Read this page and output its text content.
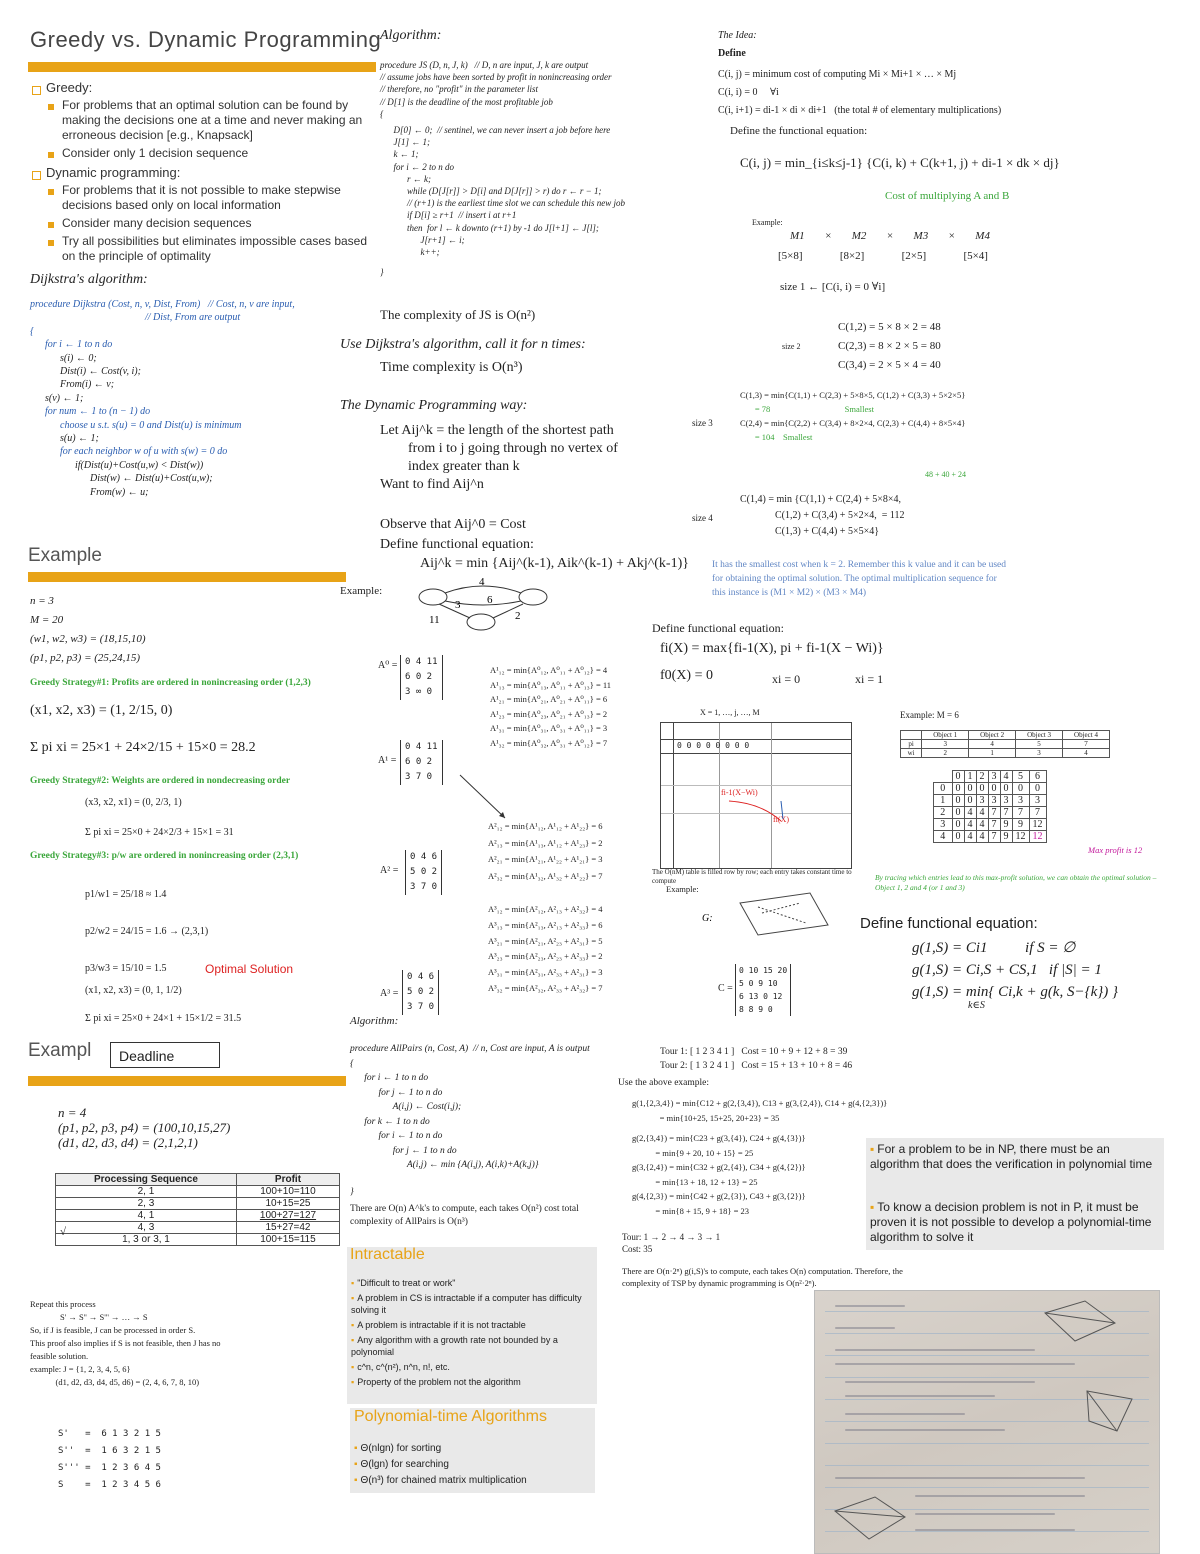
Greedy vs. Dynamic Programming
Greedy:
For problems that an optimal solution can be found by making the decisions one at a time and never making an erroneous decision [e.g., Knapsack]
Consider only 1 decision sequence
Dynamic programming:
For problems that it is not possible to make stepwise decisions based only on local information
Consider many decision sequences
Try all possibilities but eliminates impossible cases based on the principle of optimality
Dijkstra's algorithm:
procedure Dijkstra (Cost, n, v, Dist, From)   // Cost, n, v are input,
// Dist, From are output
{
for i ← 1 to n do
s(i) ← 0;
Dist(i) ← Cost(v, i);
From(i) ← v;
s(v) ← 1;
for num ← 1 to (n − 1) do
choose u s.t. s(u) = 0 and Dist(u) is minimum
s(u) ← 1;
for each neighbor w of u with s(w) = 0 do
if(Dist(u)+Cost(u,w) < Dist(w))
Dist(w) ← Dist(u)+Cost(u,w);
From(w) ← u;
Example
n = 3
M = 20
(w1, w2, w3) = (18,15,10)
(p1, p2, p3) = (25,24,15)
Greedy Strategy#1: Profits are ordered in nonincreasing order (1,2,3)
(x1, x2, x3) = (1, 2/15, 0)
Σ pi xi = 25×1 + 24×2/15 + 15×0 = 28.2
Greedy Strategy#2: Weights are ordered in nondecreasing order
(x3, x2, x1) = (0, 2/3, 1)
Σ pi xi = 25×0 + 24×2/3 + 15×1 = 31
Greedy Strategy#3: p/w are ordered in nonincreasing order (2,3,1)
p1/w1 = 25/18 ≈ 1.4
p2/w2 = 24/15 = 1.6 → (2,3,1)
p3/w3 = 15/10 = 1.5	Optimal Solution
(x1, x2, x3) = (0, 1, 1/2)
Σ pi xi = 25×0 + 24×1 + 15×1/2 = 31.5
Exampl	Deadline
n = 4
(p1, p2, p3, p4) = (100,10,15,27)
(d1, d2, d3, d4) = (2,1,2,1)
Processing Sequence	Profit
2, 1	100+10=110
2, 3	10+15=25
4, 1	100+27=127
4, 3	15+27=42
1, 3 or 3, 1	100+15=115
√
Repeat this process
S' → S'' → S''' → … → S
So, if J is feasible, J can be processed in order S.
This proof also implies if S is not feasible, then J has no
feasible solution.
example: J = {1, 2, 3, 4, 5, 6}
(d1, d2, d3, d4, d5, d6) = (2, 4, 6, 7, 8, 10)
S'   =  6 1 3 2 1 5
S''  =  1 6 3 2 1 5
S''' =  1 2 3 6 4 5
S    =  1 2 3 4 5 6
Algorithm:
procedure JS (D, n, J, k)   // D, n are input, J, k are output
// assume jobs have been sorted by profit in nonincreasing order
// therefore, no "profit" in the parameter list
// D[1] is the deadline of the most profitable job
{
D[0] ← 0;  // sentinel, we can never insert a job before here
J[1] ← 1;
k ← 1;
for i ← 2 to n do
r ← k;
while (D[J[r]] > D[i] and D[J[r]] > r) do r ← r − 1;
// (r+1) is the earliest time slot we can schedule this new job
if D[i] ≥ r+1  // insert i at r+1
then  for l ← k downto (r+1) by -1 do J[l+1] ← J[l];
J[r+1] ← i;
k++;
}
The complexity of JS is O(n²)
Use Dijkstra's algorithm, call it for n times:
Time complexity is O(n³)
The Dynamic Programming way:
Let Aij^k = the length of the shortest path
from i to j going through no vertex of
index greater than k
Want to find Aij^n
Observe that Aij^0 = Cost
Define functional equation:
Aij^k = min {Aij^(k-1), Aik^(k-1) + Akj^(k-1)}
Example:
4
6
11
3
2
A⁰ = 0 4 11
6 0 2
3 ∞ 0
A¹₁₂ = min{A⁰₁₂, A⁰₁₁ + A⁰₁₂} = 4
A¹₁₃ = min{A⁰₁₃, A⁰₁₁ + A⁰₁₃} = 11
A¹₂₁ = min{A⁰₂₁, A⁰₂₁ + A⁰₁₁} = 6
A¹₂₃ = min{A⁰₂₃, A⁰₂₁ + A⁰₁₃} = 2
A¹₃₁ = min{A⁰₃₁, A⁰₃₁ + A⁰₁₁} = 3
A¹₃₂ = min{A⁰₃₂, A⁰₃₁ + A⁰₁₂} = 7
A¹ =
0 4 11
6 0 2
3 7 0
A²₁₂ = min{A¹₁₂, A¹₁₂ + A¹₂₂} = 6
A²₁₃ = min{A¹₁₃, A¹₁₂ + A¹₂₃} = 2
A²₂₁ = min{A¹₂₁, A¹₂₂ + A¹₂₁} = 3
A²₃₂ = min{A¹₃₂, A¹₃₂ + A¹₂₂} = 7
A² =
0 4 6
5 0 2
3 7 0
A³₁₂ = min{A²₁₂, A²₁₃ + A²₃₂} = 4
A³₁₃ = min{A²₁₃, A²₁₃ + A²₃₃} = 6
A³₂₁ = min{A²₂₁, A²₂₃ + A²₃₁} = 5
A³₂₃ = min{A²₂₃, A²₂₃ + A²₃₃} = 2
A³₃₁ = min{A²₃₁, A²₃₃ + A²₃₁} = 3
A³₃₂ = min{A²₃₂, A²₃₃ + A²₃₂} = 7
A³ =
0 4 6
5 0 2
3 7 0
Algorithm:
procedure AllPairs (n, Cost, A)  // n, Cost are input, A is output
{
for i ← 1 to n do
for j ← 1 to n do
A(i,j) ← Cost(i,j);
for k ← 1 to n do
for i ← 1 to n do
for j ← 1 to n do
A(i,j) ← min {A(i,j), A(i,k)+A(k,j)}
}
There are O(n) A^k's to compute, each takes O(n²) cost total complexity of AllPairs is O(n³)
Intractable
▪ "Difficult to treat or work"
▪ A problem in CS is intractable if a computer has difficulty solving it
▪ A problem is intractable if it is not tractable
▪ Any algorithm with a growth rate not bounded by a polynomial
▪ c^n, c^(n²), n^n, n!, etc.
▪ Property of the problem not the algorithm
Polynomial-time Algorithms
▪ Θ(nlgn) for sorting
▪ Θ(lgn) for searching
▪ Θ(n³) for chained matrix multiplication
The Idea:
Define
C(i, j) = minimum cost of computing Mi × Mi+1 × … × Mj
C(i, i) = 0     ∀i
C(i, i+1) = di-1 × di × di+1   (the total # of elementary multiplications)
Define the functional equation:
C(i, j) = min_{i≤k≤j-1} {C(i, k) + C(k+1, j) + di-1 × dk × dj}
Cost of multiplying A and B
Example:
M1 × M2 × M3 × M4
[5×8]	[8×2]	[2×5]	[5×4]
size 1 ← [C(i, i) = 0 ∀i]
size 2
C(1,2) = 5 × 8 × 2 = 48
C(2,3) = 8 × 2 × 5 = 80
C(3,4) = 2 × 5 × 4 = 40
size 3
C(1,3) = min{C(1,1) + C(2,3) + 5×8×5, C(1,2) + C(3,3) + 5×2×5}
= 78                                   Smallest
C(2,4) = min{C(2,2) + C(3,4) + 8×2×4, C(2,3) + C(4,4) + 8×5×4}
= 104    Smallest
48 + 40 + 24
size 4
C(1,4) = min {C(1,1) + C(2,4) + 5×8×4,
C(1,2) + C(3,4) + 5×2×4,  = 112
C(1,3) + C(4,4) + 5×5×4}
It has the smallest cost when k = 2. Remember this k value and it can be used for obtaining the optimal solution. The optimal multiplication sequence for this instance is (M1 × M2) × (M3 × M4)
Define functional equation:
fi(X) = max{fi-1(X), pi + fi-1(X − Wi)}
f0(X) = 0	xi = 0	xi = 1
X = 1, …, j, …, M
0 0 0 0 0 0 0 0
fi-1(X−Wi)
fi(X)
The O(nM) table is filled row by row; each entry takes constant time to compute
Example:
Example: M = 6
	Object 1	Object 2	Object 3	Object 4
pi	3	4	5	7
wi	2	1	3	4
	0	1	2	3	4	5	6
0	0	0	0	0	0	0	0
1	0	0	3	3	3	3	3
2	0	4	4	7	7	7	7
3	0	4	4	7	9	9	12
4	0	4	4	7	9	12	12
Max profit is 12
By tracing which entries lead to this max-profit solution, we can obtain the optimal solution – Object 1, 2 and 4 (or 1 and 3)
G:	Define functional equation:
g(1,S) = Ci1          if S = ∅
g(1,S) = Ci,S + CS,1   if |S| = 1
g(1,S) = min{ Ci,k + g(k, S−{k}) }
k∈S
C =
0 10 15 20
5 0 9 10
6 13 0 12
8 8 9 0
Tour 1: [ 1 2 3 4 1 ]   Cost = 10 + 9 + 12 + 8 = 39
Tour 2: [ 1 3 2 4 1 ]   Cost = 15 + 13 + 10 + 8 = 46
Use the above example:
g(1,{2,3,4}) = min{C12 + g(2,{3,4}), C13 + g(3,{2,4}), C14 + g(4,{2,3})}
= min{10+25, 15+25, 20+23} = 35
g(2,{3,4}) = min{C23 + g(3,{4}), C24 + g(4,{3})}
= min{9 + 20, 10 + 15} = 25
g(3,{2,4}) = min{C32 + g(2,{4}), C34 + g(4,{2})}
= min{13 + 18, 12 + 13} = 25
g(4,{2,3}) = min{C42 + g(2,{3}), C43 + g(3,{2})}
= min{8 + 15, 9 + 18} = 23
Tour: 1 → 2 → 4 → 3 → 1
Cost: 35
There are O(n·2ⁿ) g(i,S)'s to compute, each takes O(n) computation. Therefore, the complexity of TSP by dynamic programming is O(n²·2ⁿ).
▪ For a problem to be in NP, there must be an algorithm that does the verification in polynomial time
▪ To know a decision problem is not in P, it must be proven it is not possible to develop a polynomial-time algorithm to solve it
